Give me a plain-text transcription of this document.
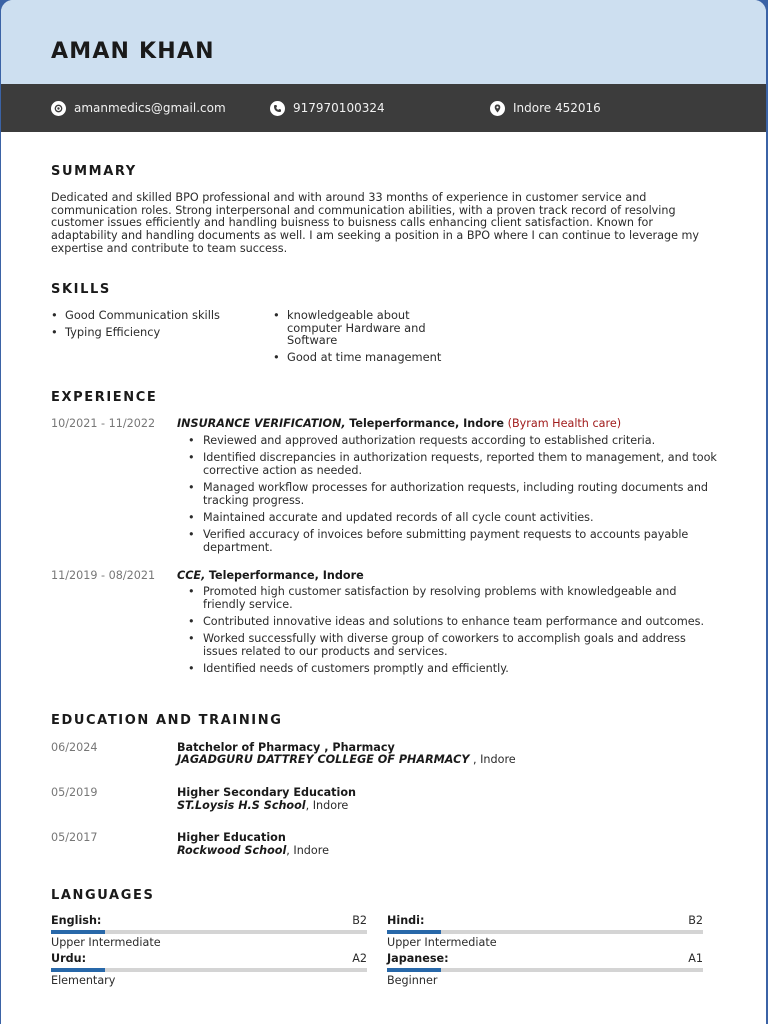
AMAN KHAN
amanmedics@gmail.com	917970100324	Indore 452016
SUMMARY
Dedicated and skilled BPO professional and with around 33 months of experience in customer service and communication roles. Strong interpersonal and communication abilities, with a proven track record of resolving customer issues efficiently and handling buisness to buisness calls enhancing client satisfaction. Known for adaptability and handling documents as well. I am seeking a position in a BPO where I can continue to leverage my expertise and contribute to team success.
SKILLS
• Good Communication skills
• Typing Efficiency
• knowledgeable about computer Hardware and Software
• Good at time management
EXPERIENCE
10/2021 - 11/2022 INSURANCE VERIFICATION, Teleperformance, Indore (Byram Health care)
• Reviewed and approved authorization requests according to established criteria.
• Identified discrepancies in authorization requests, reported them to management, and took corrective action as needed.
• Managed workflow processes for authorization requests, including routing documents and tracking progress.
• Maintained accurate and updated records of all cycle count activities.
• Verified accuracy of invoices before submitting payment requests to accounts payable department.
11/2019 - 08/2021 CCE, Teleperformance, Indore
• Promoted high customer satisfaction by resolving problems with knowledgeable and friendly service.
• Contributed innovative ideas and solutions to enhance team performance and outcomes.
• Worked successfully with diverse group of coworkers to accomplish goals and address issues related to our products and services.
• Identified needs of customers promptly and efficiently.
EDUCATION AND TRAINING
06/2024	Batchelor of Pharmacy , Pharmacy
JAGADGURU DATTREY COLLEGE OF PHARMACY , Indore
05/2019	Higher Secondary Education
ST.Loysis H.S School, Indore
05/2017	Higher Education
Rockwood School, Indore
LANGUAGES
English:	B2
Upper Intermediate
Hindi:	B2
Upper Intermediate
Urdu:	A2
Elementary
Japanese:	A1
Beginner
